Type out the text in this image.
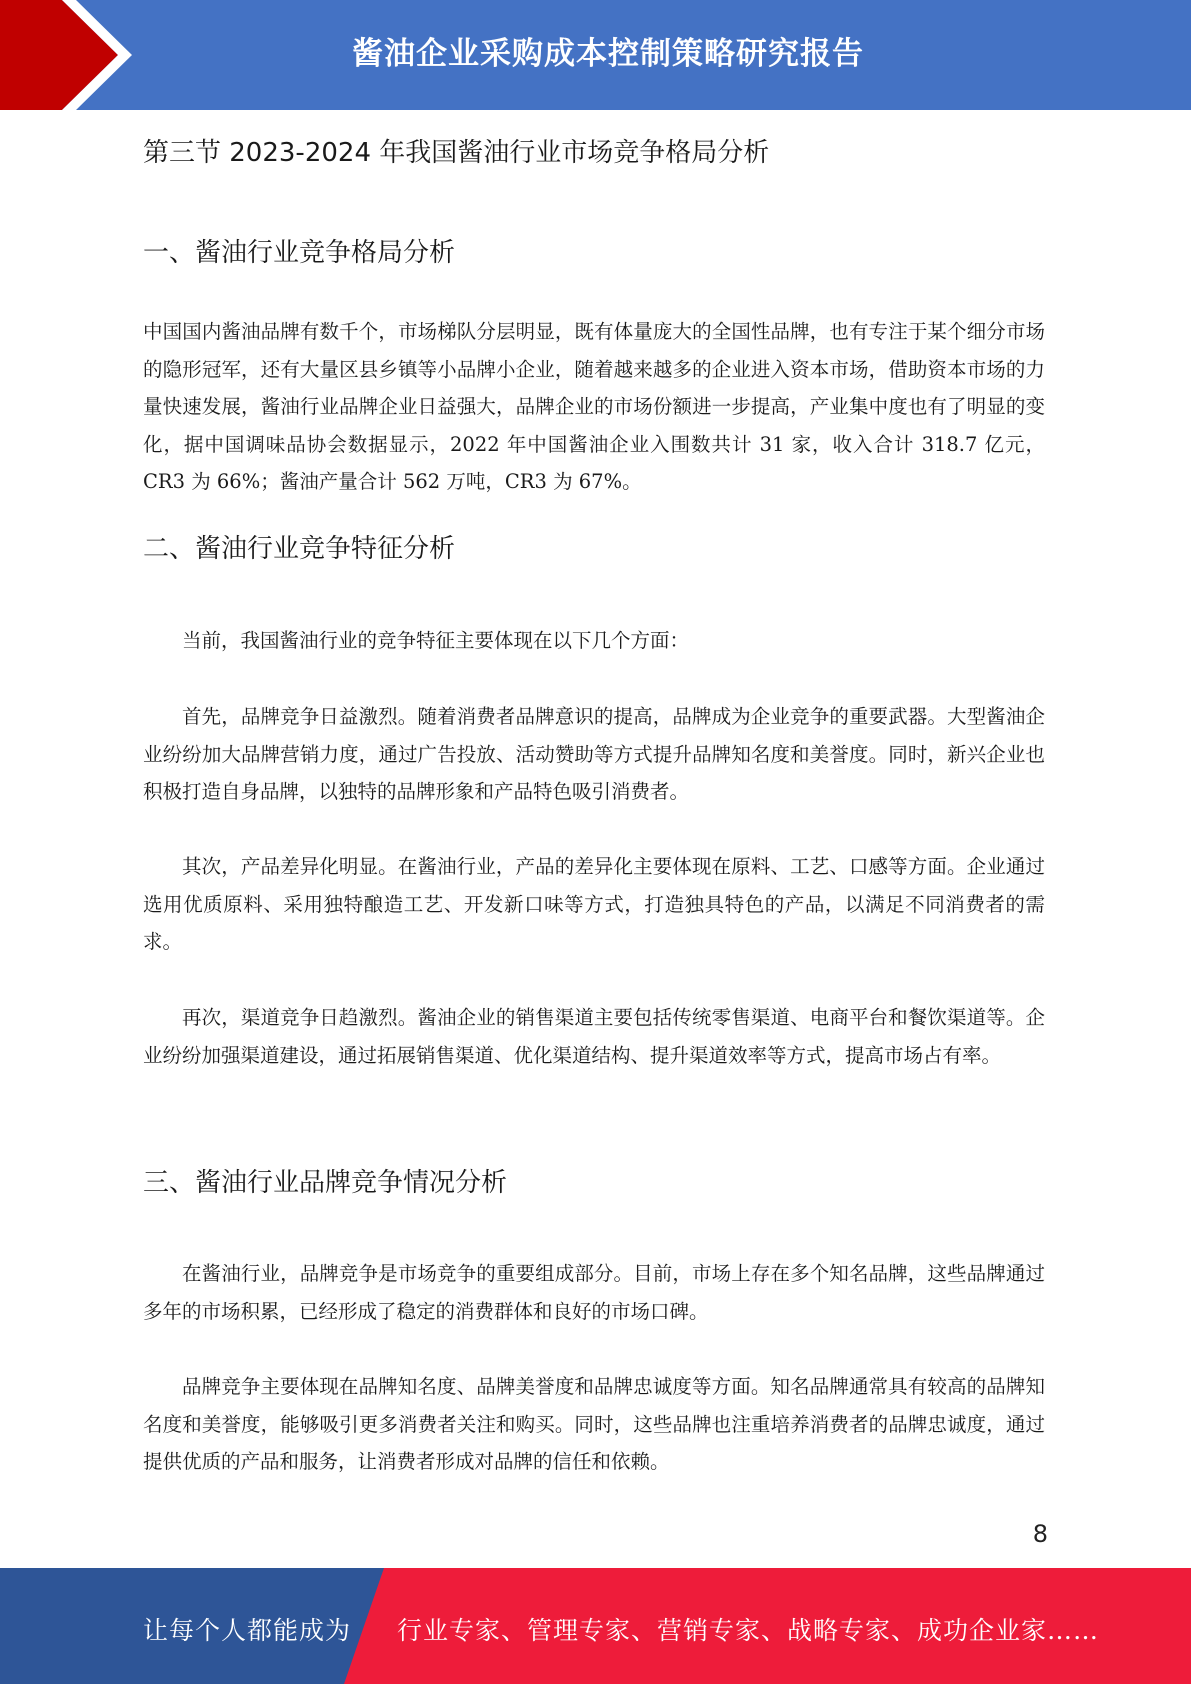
酱油企业采购成本控制策略研究报告
第三节 2023-2024 年我国酱油行业市场竞争格局分析
一、酱油行业竞争格局分析

中国国内酱油品牌有数千个，市场梯队分层明显，既有体量庞大的全国性品牌，也有专注于某个细分市场的隐形冠军，还有大量区县乡镇等小品牌小企业，随着越来越多的企业进入资本市场，借助资本市场的力量快速发展，酱油行业品牌企业日益强大，品牌企业的市场份额进一步提高，产业集中度也有了明显的变化，据中国调味品协会数据显示，2022 年中国酱油企业入围数共计 31 家，收入合计 318.7 亿元，CR3 为 66%；酱油产量合计 562 万吨，CR3 为 67%。

二、酱油行业竞争特征分析

当前，我国酱油行业的竞争特征主要体现在以下几个方面：

首先，品牌竞争日益激烈。随着消费者品牌意识的提高，品牌成为企业竞争的重要武器。大型酱油企业纷纷加大品牌营销力度，通过广告投放、活动赞助等方式提升品牌知名度和美誉度。同时，新兴企业也积极打造自身品牌，以独特的品牌形象和产品特色吸引消费者。

其次，产品差异化明显。在酱油行业，产品的差异化主要体现在原料、工艺、口感等方面。企业通过选用优质原料、采用独特酿造工艺、开发新口味等方式，打造独具特色的产品，以满足不同消费者的需求。

再次，渠道竞争日趋激烈。酱油企业的销售渠道主要包括传统零售渠道、电商平台和餐饮渠道等。企业纷纷加强渠道建设，通过拓展销售渠道、优化渠道结构、提升渠道效率等方式，提高市场占有率。

三、酱油行业品牌竞争情况分析

在酱油行业，品牌竞争是市场竞争的重要组成部分。目前，市场上存在多个知名品牌，这些品牌通过多年的市场积累，已经形成了稳定的消费群体和良好的市场口碑。

品牌竞争主要体现在品牌知名度、品牌美誉度和品牌忠诚度等方面。知名品牌通常具有较高的品牌知名度和美誉度，能够吸引更多消费者关注和购买。同时，这些品牌也注重培养消费者的品牌忠诚度，通过提供优质的产品和服务，让消费者形成对品牌的信任和依赖。

8
让每个人都能成为 行业专家、管理专家、营销专家、战略专家、成功企业家……
